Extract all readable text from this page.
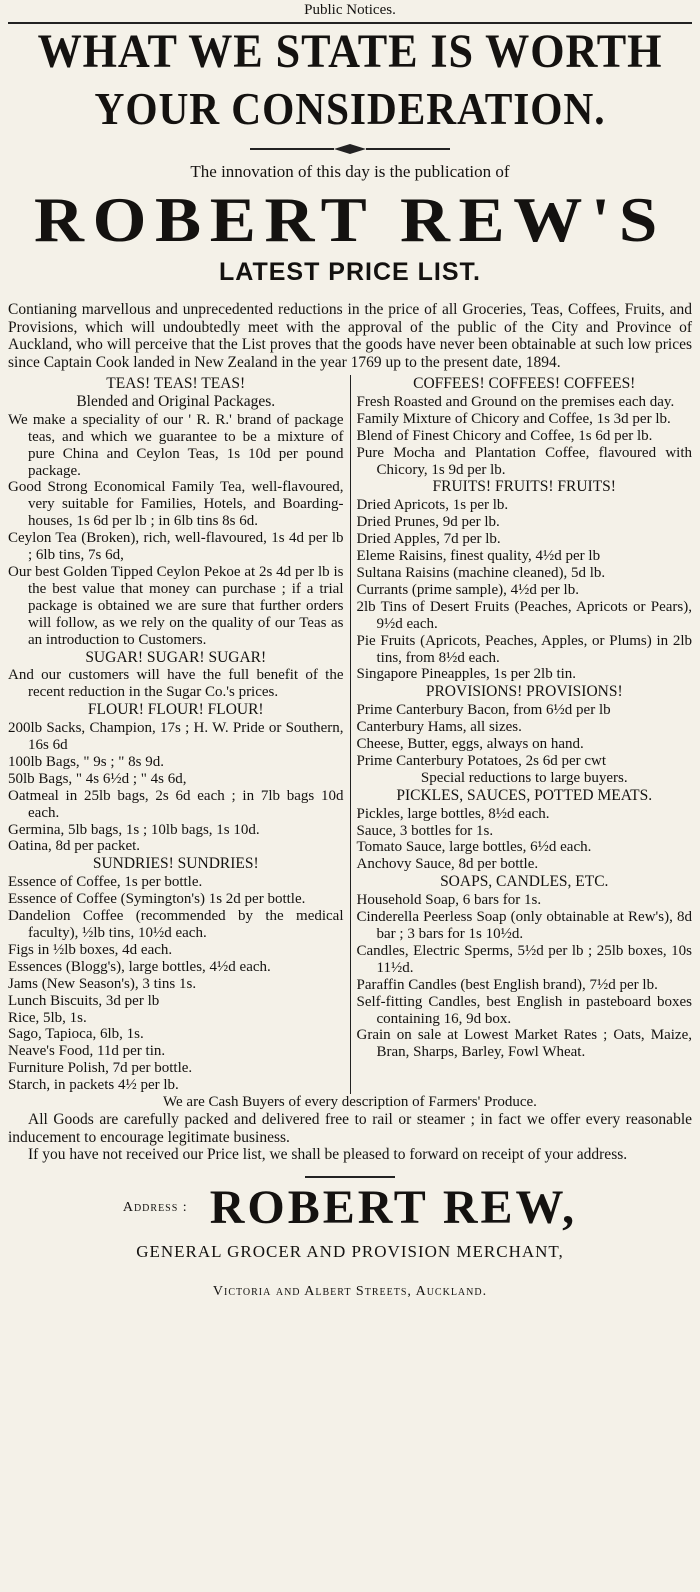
Public Notices.

WHAT WE STATE IS WORTH
YOUR CONSIDERATION.

The innovation of this day is the publication of

ROBERT REW'S
LATEST PRICE LIST.

Contianing marvellous and unprecedented reductions in the price of all Groceries, Teas, Coffees, Fruits, and Provisions, which will undoubtedly meet with the approval of the public of the City and Province of Auckland, who will perceive that the List proves that the goods have never been obtainable at such low prices since Captain Cook landed in New Zealand in the year 1769 up to the present date, 1894.

TEAS! TEAS! TEAS!

Blended and Original Packages.

We make a speciality of our ' R. R.' brand of package teas, and which we guarantee to be a mixture of pure China and Ceylon Teas, 1s 10d per pound package.

Good Strong Economical Family Tea, well-flavoured, very suitable for Families, Hotels, and Boarding-houses, 1s 6d per lb ; in 6lb tins 8s 6d.

Ceylon Tea (Broken), rich, well-flavoured, 1s 4d per lb ; 6lb tins, 7s 6d,

Our best Golden Tipped Ceylon Pekoe at 2s 4d per lb is the best value that money can purchase ; if a trial package is obtained we are sure that further orders will follow, as we rely on the quality of our Teas as an introduction to Customers.

SUGAR! SUGAR! SUGAR!

And our customers will have the full benefit of the recent reduction in the Sugar Co.'s prices.

FLOUR! FLOUR! FLOUR!

200lb Sacks, Champion, 17s ; H. W. Pride or Southern, 16s 6d

100lb Bags, " 9s ; " 8s 9d.

50lb Bags, " 4s 6½d ; " 4s 6d,

Oatmeal in 25lb bags, 2s 6d each ; in 7lb bags 10d each.

Germina, 5lb bags, 1s ; 10lb bags, 1s 10d.

Oatina, 8d per packet.

SUNDRIES! SUNDRIES!

Essence of Coffee, 1s per bottle.

Essence of Coffee (Symington's) 1s 2d per bottle.

Dandelion Coffee (recommended by the medical faculty), ½lb tins, 10½d each.

Figs in ½lb boxes, 4d each.

Essences (Blogg's), large bottles, 4½d each.

Jams (New Season's), 3 tins 1s.

Lunch Biscuits, 3d per lb

Rice, 5lb, 1s.

Sago, Tapioca, 6lb, 1s.

Neave's Food, 11d per tin.

Furniture Polish, 7d per bottle.

Starch, in packets 4½ per lb.

COFFEES! COFFEES! COFFEES!

Fresh Roasted and Ground on the premises each day.

Family Mixture of Chicory and Coffee, 1s 3d per lb.

Blend of Finest Chicory and Coffee, 1s 6d per lb.

Pure Mocha and Plantation Coffee, flavoured with Chicory, 1s 9d per lb.

FRUITS! FRUITS! FRUITS!

Dried Apricots, 1s per lb.

Dried Prunes, 9d per lb.

Dried Apples, 7d per lb.

Eleme Raisins, finest quality, 4½d per lb

Sultana Raisins (machine cleaned), 5d lb.

Currants (prime sample), 4½d per lb.

2lb Tins of Desert Fruits (Peaches, Apricots or Pears), 9½d each.

Pie Fruits (Apricots, Peaches, Apples, or Plums) in 2lb tins, from 8½d each.

Singapore Pineapples, 1s per 2lb tin.

PROVISIONS! PROVISIONS!

Prime Canterbury Bacon, from 6½d per lb

Canterbury Hams, all sizes.

Cheese, Butter, eggs, always on hand.

Prime Canterbury Potatoes, 2s 6d per cwt

Special reductions to large buyers.

PICKLES, SAUCES, POTTED MEATS.

Pickles, large bottles, 8½d each.

Sauce, 3 bottles for 1s.

Tomato Sauce, large bottles, 6½d each.

Anchovy Sauce, 8d per bottle.

SOAPS, CANDLES, ETC.

Household Soap, 6 bars for 1s.

Cinderella Peerless Soap (only obtainable at Rew's), 8d bar ; 3 bars for 1s 10½d.

Candles, Electric Sperms, 5½d per lb ; 25lb boxes, 10s 11½d.

Paraffin Candles (best English brand), 7½d per lb.

Self-fitting Candles, best English in pasteboard boxes containing 16, 9d box.

Grain on sale at Lowest Market Rates ; Oats, Maize, Bran, Sharps, Barley, Fowl Wheat.

We are Cash Buyers of every description of Farmers' Produce.

All Goods are carefully packed and delivered free to rail or steamer ; in fact we offer every reasonable inducement to encourage legitimate business.

If you have not received our Price list, we shall be pleased to forward on receipt of your address.

Address : ROBERT REW,
GENERAL GROCER AND PROVISION MERCHANT,
Victoria and Albert Streets, Auckland.
